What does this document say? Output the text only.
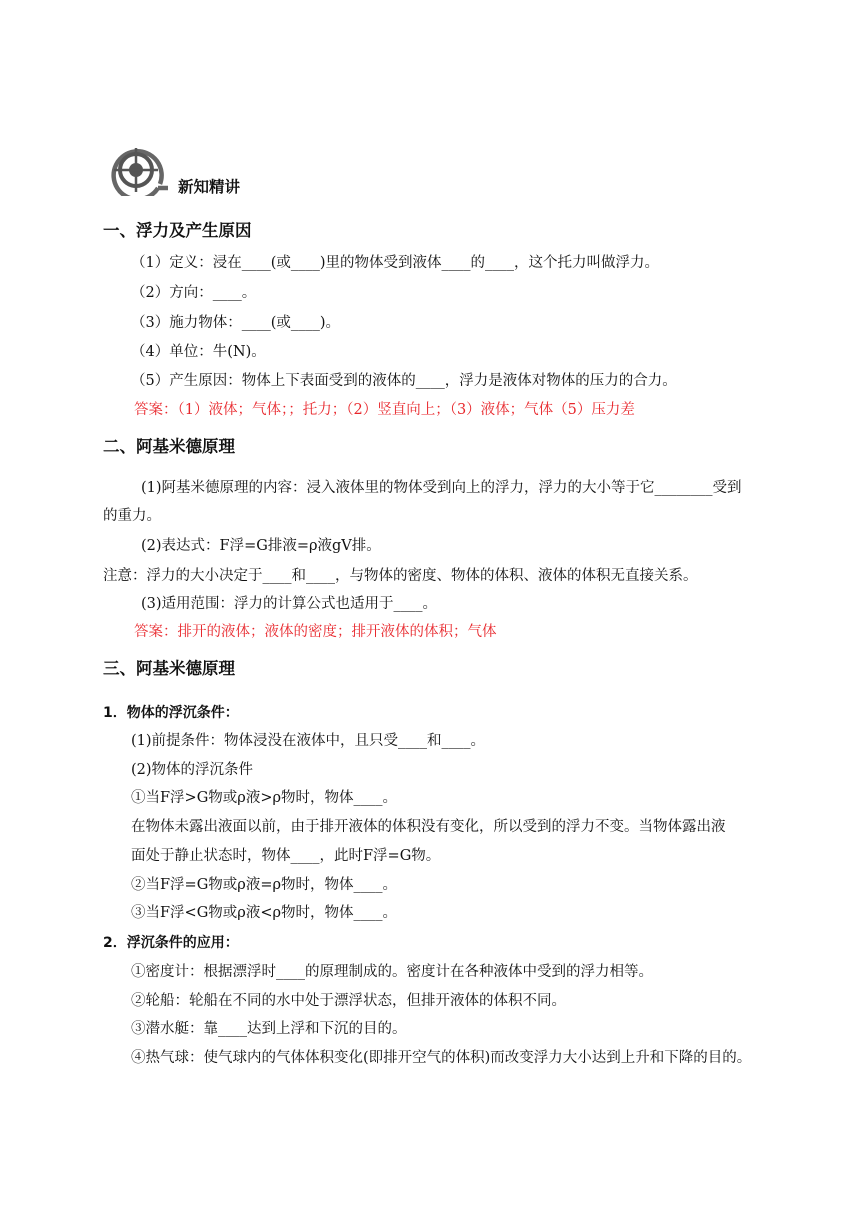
新知精讲
一、浮力及产生原因
（1）定义：浸在____(或____)里的物体受到液体____的____，这个托力叫做浮力。
（2）方向：____。
（3）施力物体：____(或____)。
（4）单位：牛(N)。
（5）产生原因：物体上下表面受到的液体的____，浮力是液体对物体的压力的合力。
答案：（1）液体；气体；；托力；（2）竖直向上；（3）液体；气体（5）压力差
二、阿基米德原理
(1)阿基米德原理的内容：浸入液体里的物体受到向上的浮力，浮力的大小等于它________受到
的重力。
(2)表达式：F浮=G排液=ρ液gV排。
注意：浮力的大小决定于____和____，与物体的密度、物体的体积、液体的体积无直接关系。
(3)适用范围：浮力的计算公式也适用于____。
答案：排开的液体；液体的密度；排开液体的体积；气体
三、阿基米德原理
1．物体的浮沉条件：
(1)前提条件：物体浸没在液体中，且只受____和____。
(2)物体的浮沉条件
①当F浮>G物或ρ液>ρ物时，物体____。
在物体未露出液面以前，由于排开液体的体积没有变化，所以受到的浮力不变。当物体露出液
面处于静止状态时，物体____，此时F浮=G物。
②当F浮=G物或ρ液=ρ物时，物体____。
③当F浮<G物或ρ液<ρ物时，物体____。
2．浮沉条件的应用：
①密度计：根据漂浮时____的原理制成的。密度计在各种液体中受到的浮力相等。
②轮船：轮船在不同的水中处于漂浮状态，但排开液体的体积不同。
③潜水艇：靠____达到上浮和下沉的目的。
④热气球：使气球内的气体体积变化(即排开空气的体积)而改变浮力大小达到上升和下降的目的。
